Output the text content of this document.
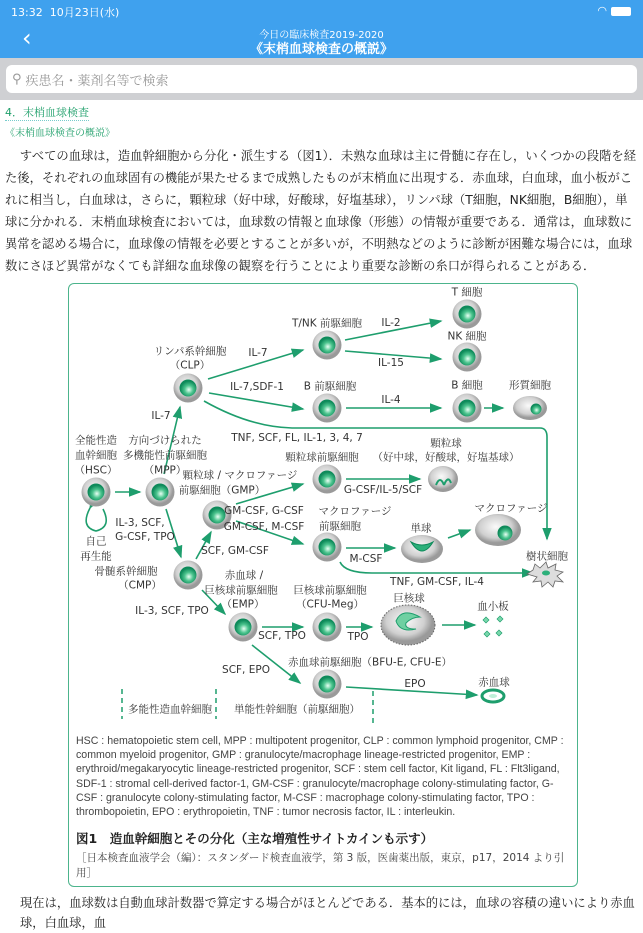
13:32 10月23日(水)	◠
‹	今日の臨床検査2019-2020
《末梢血球検査の概説》
⚲ 疾患名・薬剤名等で検索
4．末梢血球検査
《末梢血球検査の概説》

すべての血球は，造血幹細胞から分化・派生する（図1）．未熟な血球は主に骨髄に存在し，いくつかの段階を経た後，それぞれの血球固有の機能が果たせるまで成熟したものが末梢血に出現する．赤血球，白血球，血小板がこれに相当し，白血球は，さらに，顆粒球（好中球，好酸球，好塩基球），リンパ球（T細胞，NK細胞，B細胞），単球に分かれる．末梢血球検査においては，血球数の情報と血球像（形態）の情報が重要である．通常は，血球数に異常を認める場合に，血球像の情報を必要とすることが多いが，不明熱などのように診断が困難な場合には，血球数にさほど異常がなくても詳細な血球像の観察を行うことにより重要な診断の糸口が得られることがある．

T 細胞
T/NK 前駆細胞 IL-2
NK 細胞
リンパ系幹細胞
（CLP）
IL-7
IL-15
IL-7,SDF-1 B 前駆細胞	B 細胞 形質細胞
IL-4
IL-7
TNF, SCF, FL, IL-1, 3, 4, 7
全能性造
血幹細胞
（HSC）
方向づけられた
多機能性前駆細胞
（MPP）
顆粒球前駆細胞
顆粒球
（好中球，好酸球，好塩基球）
顆粒球 / マクロファージ
前駆細胞（GMP）	G-CSF/IL-5/SCF
IL-3, SCF,
G-CSF, TPO
GM-CSF, G-CSF
GM-CSF, M-CSF
マクロファージ
前駆細胞
マクロファージ
単球
自己
再生能	SCF, GM-CSF
M-CSF	樹状細胞
骨髄系幹細胞
（CMP）
赤血球 /
巨核球前駆細胞
（EMP）
巨核球前駆細胞
（CFU-Meg）
TNF, GM-CSF, IL-4
巨核球
IL-3, SCF, TPO	血小板
SCF, TPO	TPO
SCF, EPO
赤血球前駆細胞（BFU-E, CFU-E）
EPO	赤血球
多能性造血幹細胞 単能性幹細胞（前駆細胞）
HSC : hematopoietic stem cell, MPP : multipotent progenitor, CLP : common lymphoid progenitor, CMP : common myeloid progenitor, GMP : granulocyte/macrophage lineage-restricted progenitor, EMP : erythroid/megakaryocytic lineage-restricted progenitor, SCF : stem cell factor, Kit ligand, FL : Flt3ligand, SDF-1 : stromal cell-derived factor-1, GM-CSF : granulocyte/macrophage colony-stimulating factor, G-CSF : granulocyte colony-stimulating factor, M-CSF : macrophage colony-stimulating factor, TPO : thrombopoietin, EPO : erythropoietin, TNF : tumor necrosis factor, IL : interleukin.
図1　造血幹細胞とその分化（主な増殖性サイトカインも示す）
［日本検査血液学会（編）：スタンダード検査血液学，第 3 版，医歯薬出版，東京，p17，2014 より引用］
現在は，血球数は自動血球計数器で算定する場合がほとんどである．基本的には，血球の容積の違いにより赤血球，白血球，血
